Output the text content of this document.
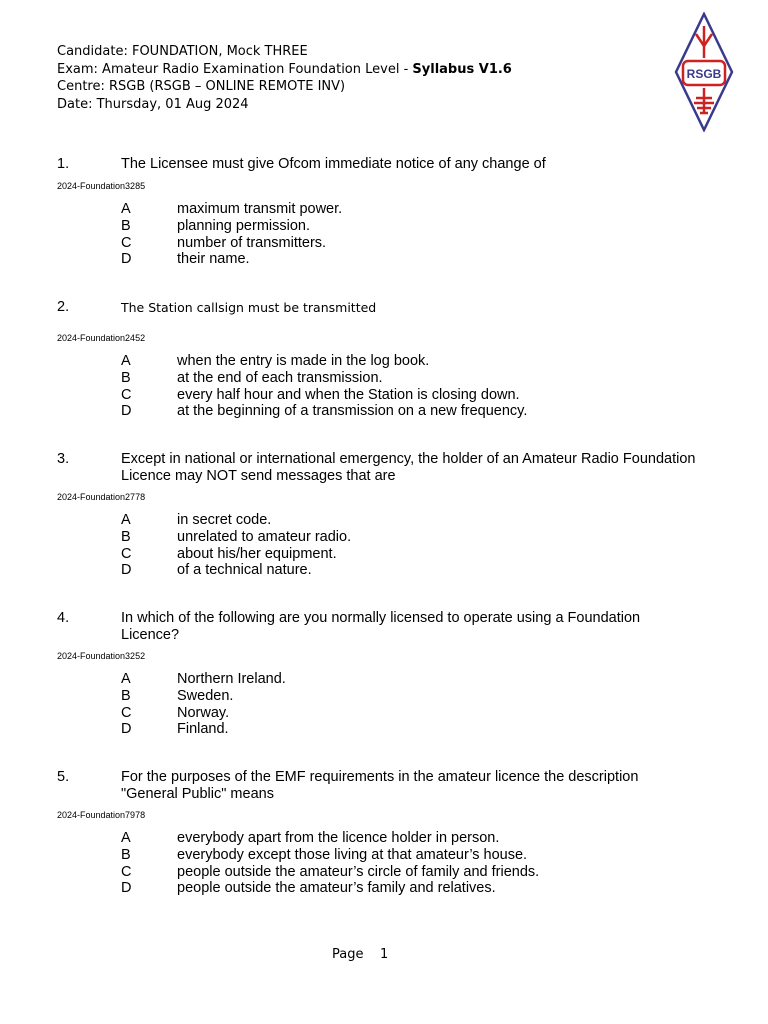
Candidate: FOUNDATION, Mock THREE
Exam: Amateur Radio Examination Foundation Level - Syllabus V1.6
Centre: RSGB (RSGB – ONLINE REMOTE INV)
Date: Thursday, 01 Aug 2024
RSGB
1.	The Licensee must give Ofcom immediate notice of any change of
2024-Foundation3285
A	maximum transmit power.
B	planning permission.
C	number of transmitters.
D	their name.
2.	The Station callsign must be transmitted
2024-Foundation2452
A	when the entry is made in the log book.
B	at the end of each transmission.
C	every half hour and when the Station is closing down.
D	at the beginning of a transmission on a new frequency.
3.	Except in national or international emergency, the holder of an Amateur Radio Foundation Licence may NOT send messages that are
2024-Foundation2778
A	in secret code.
B	unrelated to amateur radio.
C	about his/her equipment.
D	of a technical nature.
4.	In which of the following are you normally licensed to operate using a Foundation Licence?
2024-Foundation3252
A	Northern Ireland.
B	Sweden.
C	Norway.
D	Finland.
5.	For the purposes of the EMF requirements in the amateur licence the description "General Public" means
2024-Foundation7978
A	everybody apart from the licence holder in person.
B	everybody except those living at that amateur’s house.
C	people outside the amateur’s circle of family and friends.
D	people outside the amateur’s family and relatives.
Page 1
